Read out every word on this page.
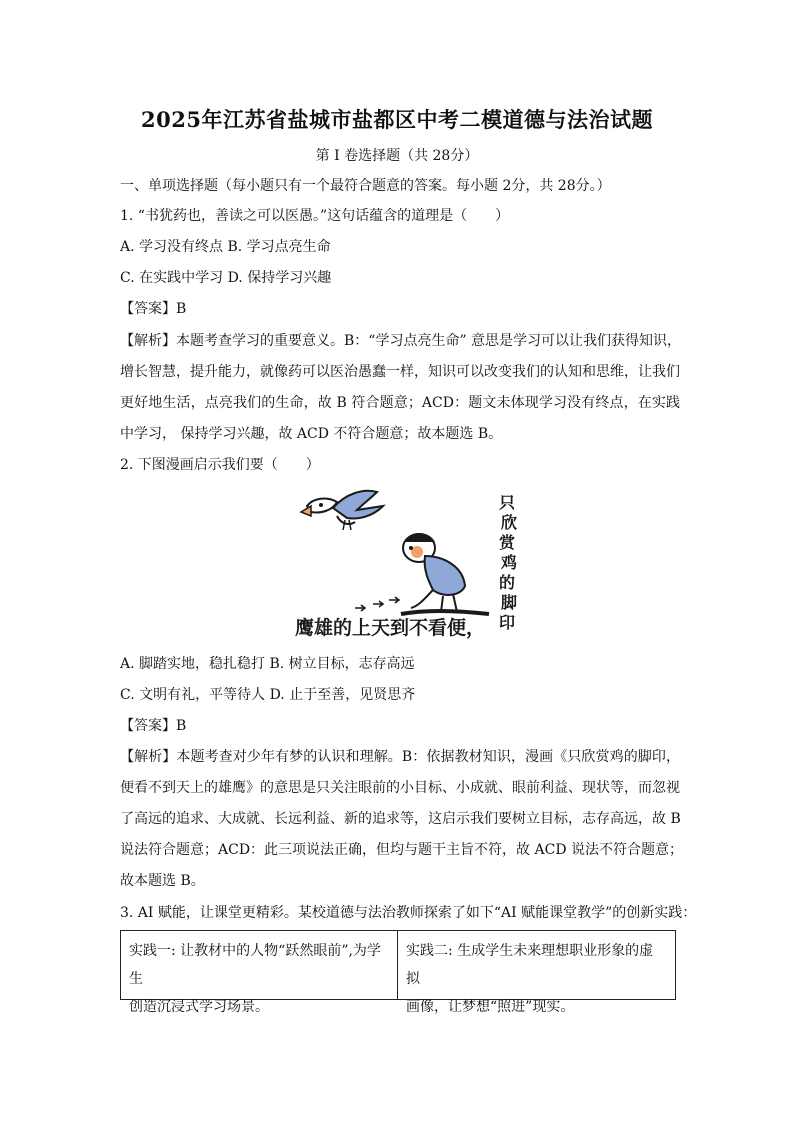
2025年江苏省盐城市盐都区中考二模道德与法治试题
第 I 卷选择题（共 28分）
一、单项选择题（每小题只有一个最符合题意的答案。每小题 2分，共 28分。）
1. “书犹药也，善读之可以医愚。”这句话蕴含的道理是（　　）
A. 学习没有终点 B. 学习点亮生命
C. 在实践中学习 D. 保持学习兴趣
【答案】B
【解析】本题考查学习的重要意义。B：“学习点亮生命” 意思是学习可以让我们获得知识，
增长智慧，提升能力，就像药可以医治愚蠢一样，知识可以改变我们的认知和思维，让我们
更好地生活，点亮我们的生命，故 B 符合题意；ACD：题文未体现学习没有终点，在实践
中学习， 保持学习兴趣，故 ACD 不符合题意；故本题选 B。
2. 下图漫画启示我们要（　　）
只
欣
赏
鸡
的
脚
印
鹰雄的上天到不看便，
A. 脚踏实地，稳扎稳打 B. 树立目标，志存高远
C. 文明有礼，平等待人 D. 止于至善，见贤思齐
【答案】B
【解析】本题考查对少年有梦的认识和理解。B：依据教材知识，漫画《只欣赏鸡的脚印，
便看不到天上的雄鹰》的意思是只关注眼前的小目标、小成就、眼前利益、现状等，而忽视
了高远的追求、大成就、长远利益、新的追求等，这启示我们要树立目标，志存高远，故 B
说法符合题意；ACD：此三项说法正确，但均与题干主旨不符，故 ACD 说法不符合题意；
故本题选 B。
3. AI 赋能，让课堂更精彩。某校道德与法治教师探索了如下“AI 赋能课堂教学”的创新实践：
实践一: 让教材中的人物“跃然眼前”,为学生
创造沉浸式学习场景。
实践二: 生成学生未来理想职业形象的虚拟
画像，让梦想“照进”现实。
